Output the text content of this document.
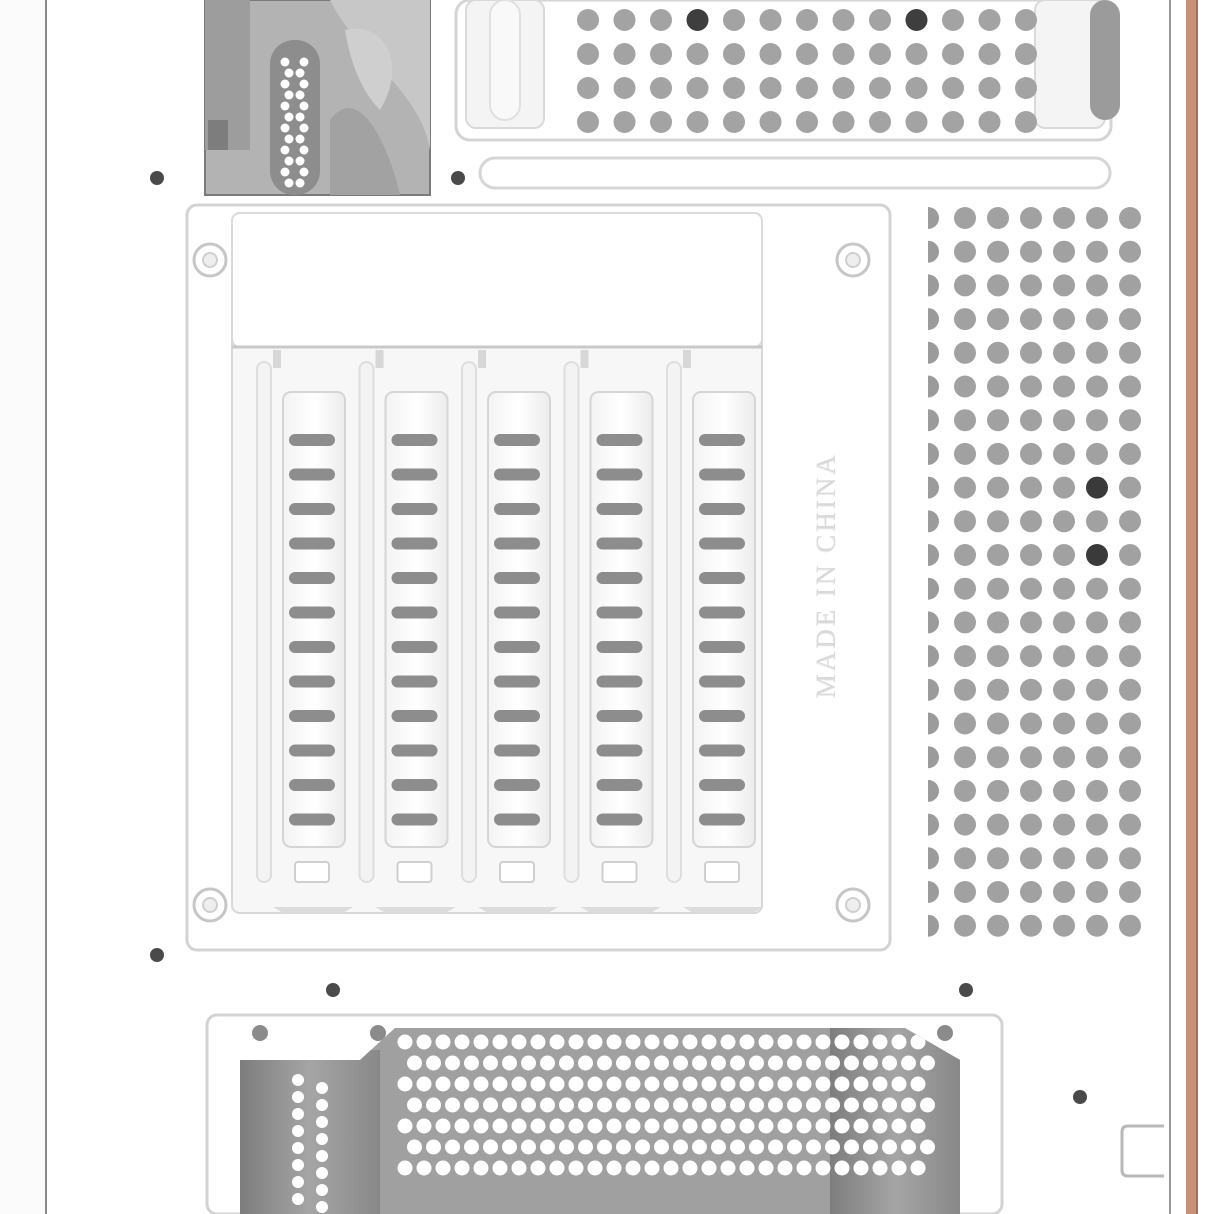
MADE IN CHINA
